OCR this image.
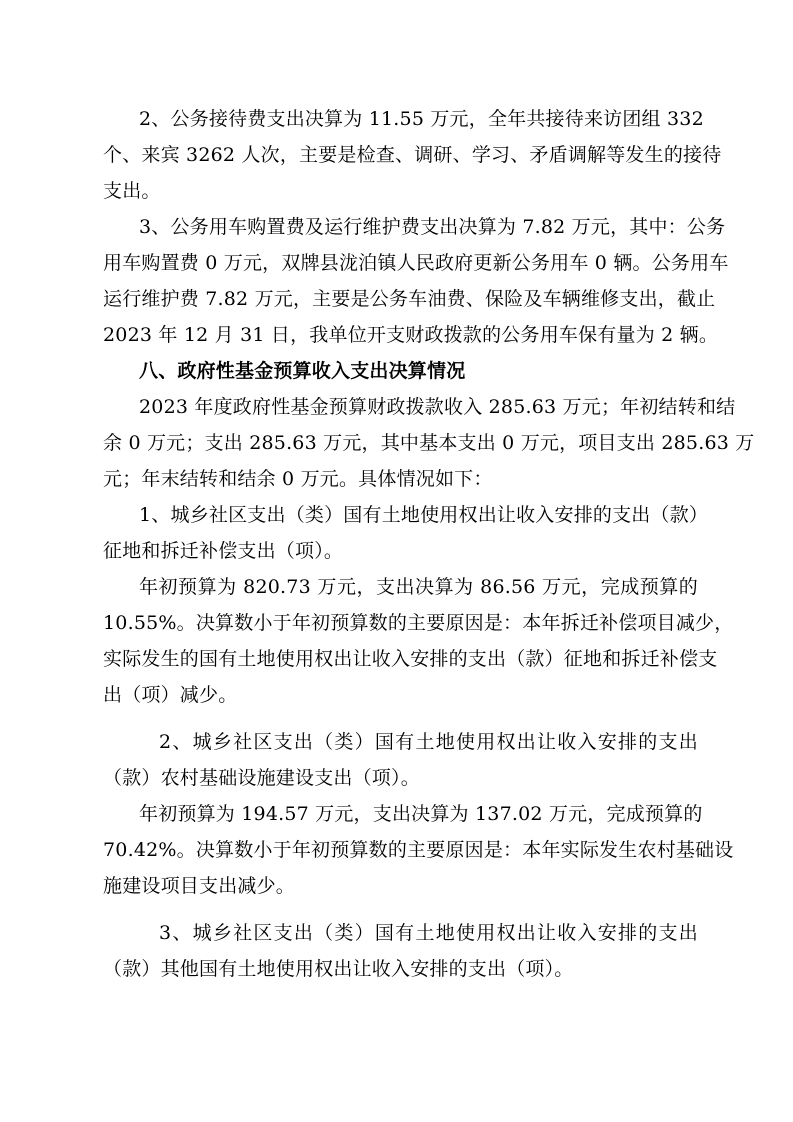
2、公务接待费支出决算为 11.55 万元，全年共接待来访团组 332
个、来宾 3262 人次，主要是检查、调研、学习、矛盾调解等发生的接待
支出。
3、公务用车购置费及运行维护费支出决算为 7.82 万元，其中：公务
用车购置费 0 万元，双牌县泷泊镇人民政府更新公务用车 0 辆。公务用车
运行维护费 7.82 万元，主要是公务车油费、保险及车辆维修支出，截止
2023 年 12 月 31 日，我单位开支财政拨款的公务用车保有量为 2 辆。
八、政府性基金预算收入支出决算情况
2023 年度政府性基金预算财政拨款收入 285.63 万元；年初结转和结
余 0 万元；支出 285.63 万元，其中基本支出 0 万元，项目支出 285.63 万
元；年末结转和结余 0 万元。具体情况如下：
1、城乡社区支出（类）国有土地使用权出让收入安排的支出（款）
征地和拆迁补偿支出（项）。
年初预算为 820.73 万元，支出决算为 86.56 万元，完成预算的
10.55%。决算数小于年初预算数的主要原因是：本年拆迁补偿项目减少，
实际发生的国有土地使用权出让收入安排的支出（款）征地和拆迁补偿支
出（项）减少。
2、城乡社区支出（类）国有土地使用权出让收入安排的支出
（款）农村基础设施建设支出（项）。
年初预算为 194.57 万元，支出决算为 137.02 万元，完成预算的
70.42%。决算数小于年初预算数的主要原因是：本年实际发生农村基础设
施建设项目支出减少。
3、城乡社区支出（类）国有土地使用权出让收入安排的支出
（款）其他国有土地使用权出让收入安排的支出（项）。
